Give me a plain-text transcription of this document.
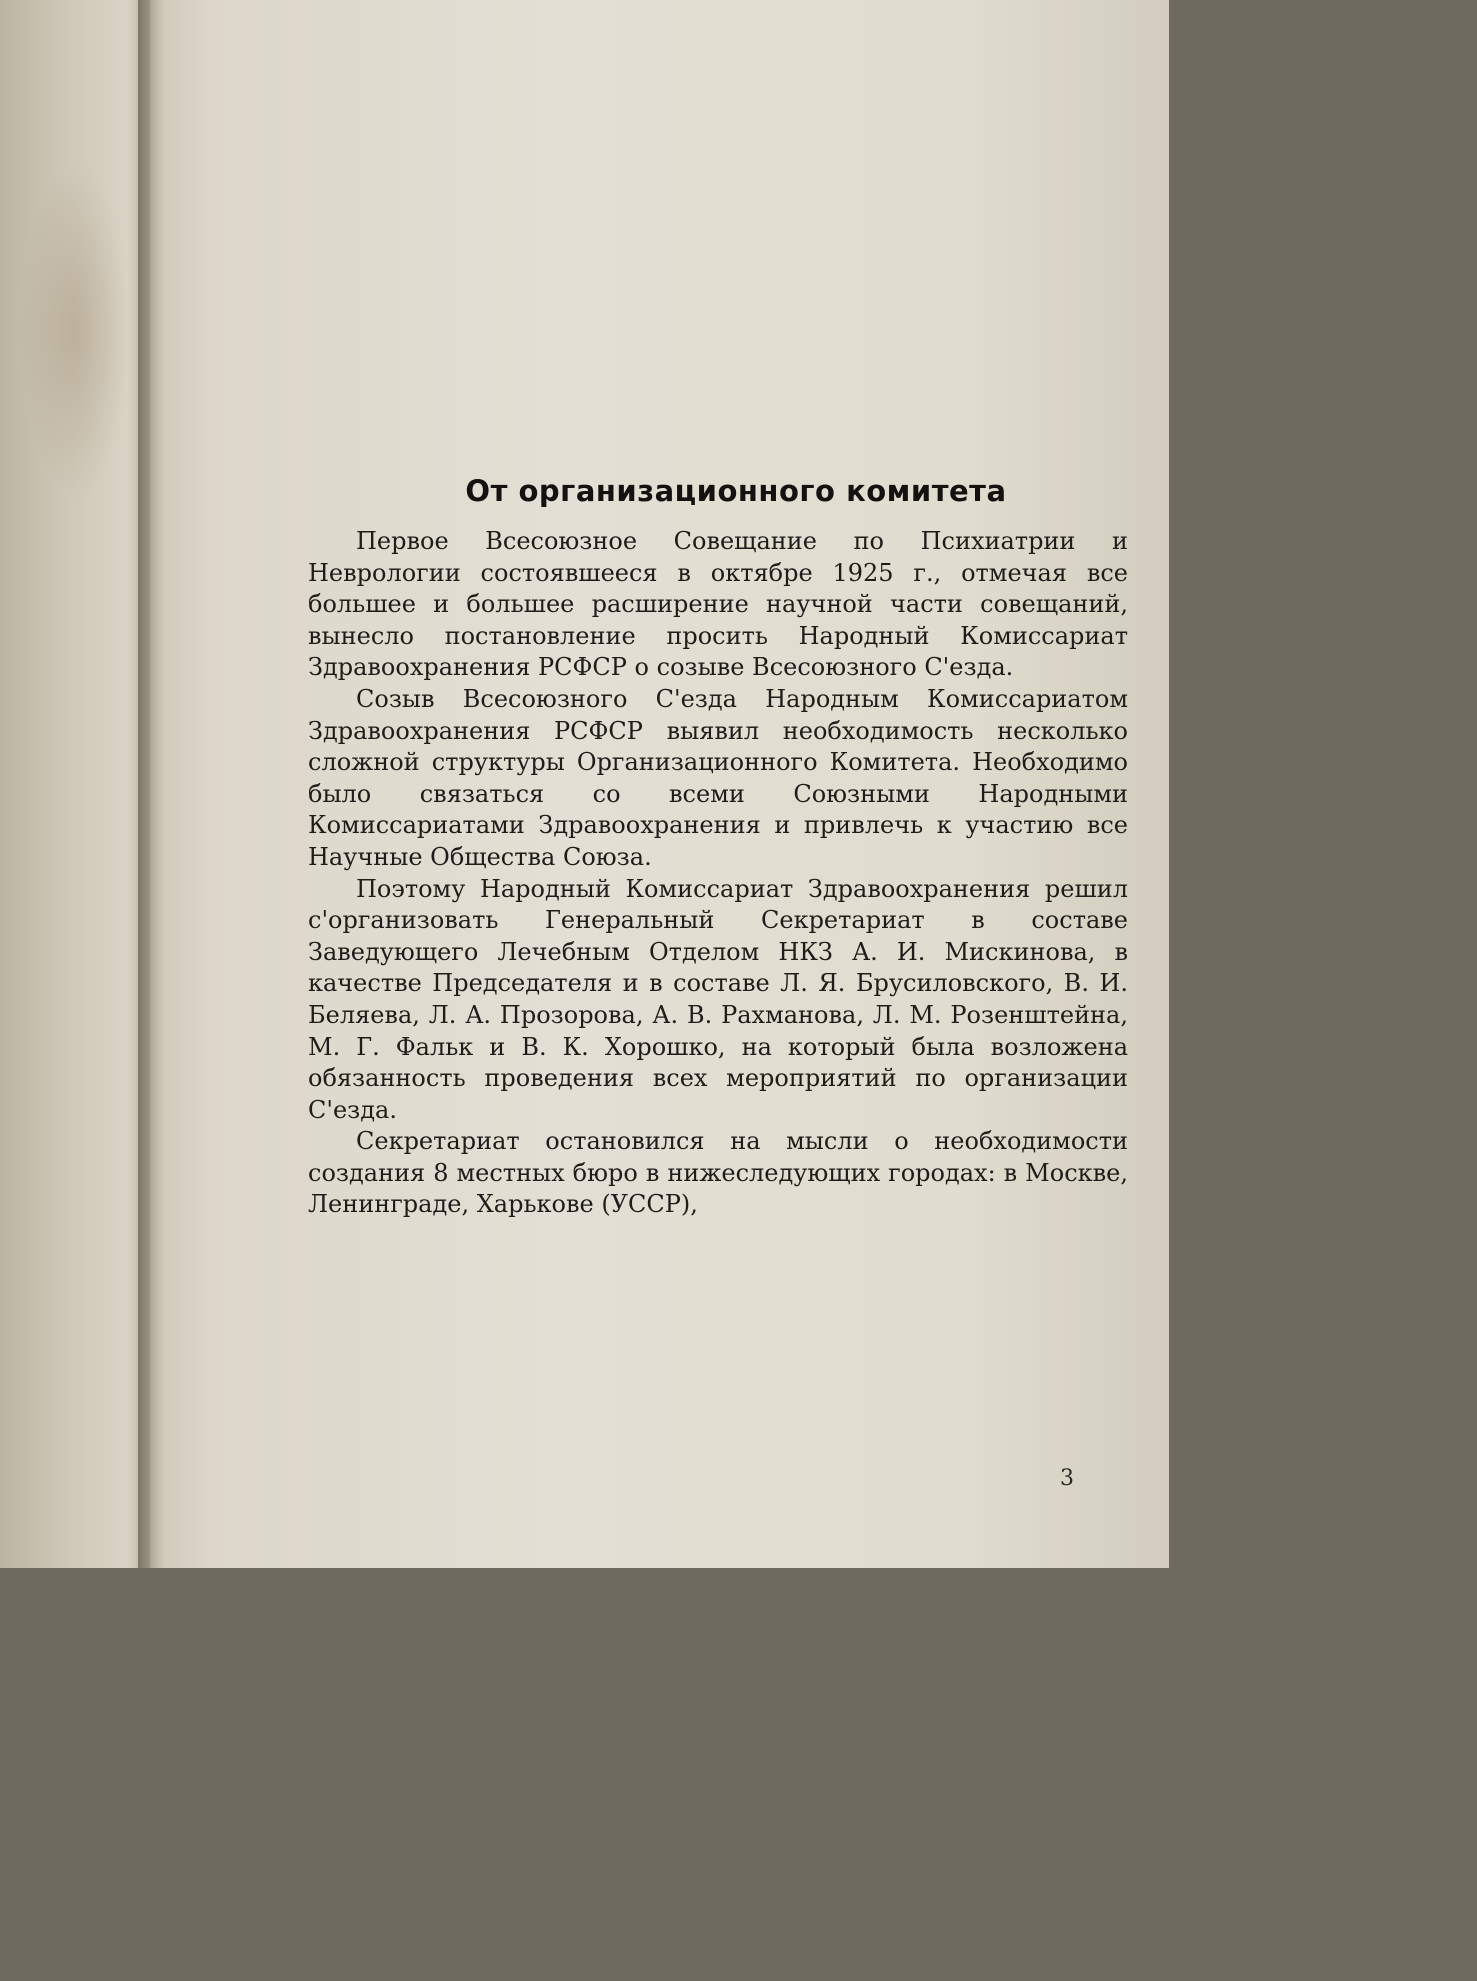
От организационного комитета

Первое Всесоюзное Совещание по Психиатрии и Неврологии состоявшееся в октябре 1925 г., отмечая все большее и большее расширение научной части совещаний, вынесло постановление просить Народный Комиссариат Здравоохранения РСФСР о созыве Всесоюзного С'езда.

Созыв Всесоюзного С'езда Народным Комиссариатом Здравоохранения РСФСР выявил необходимость несколько сложной структуры Организационного Комитета. Необходимо было связаться со всеми Союзными Народными Комиссариатами Здравоохранения и привлечь к участию все Научные Общества Союза.

Поэтому Народный Комиссариат Здравоохранения решил с'организовать Генеральный Секретариат в составе Заведующего Лечебным Отделом НКЗ А. И. Мискинова, в качестве Председателя и в составе Л. Я. Брусиловского, В. И. Беляева, Л. А. Прозорова, А. В. Рахманова, Л. М. Розенштейна, М. Г. Фальк и В. К. Хорошко, на который была возложена обязанность проведения всех мероприятий по организации С'езда.

Секретариат остановился на мысли о необходимости создания 8 местных бюро в нижеследующих городах: в Москве, Ленинграде, Харькове (УССР),

3
